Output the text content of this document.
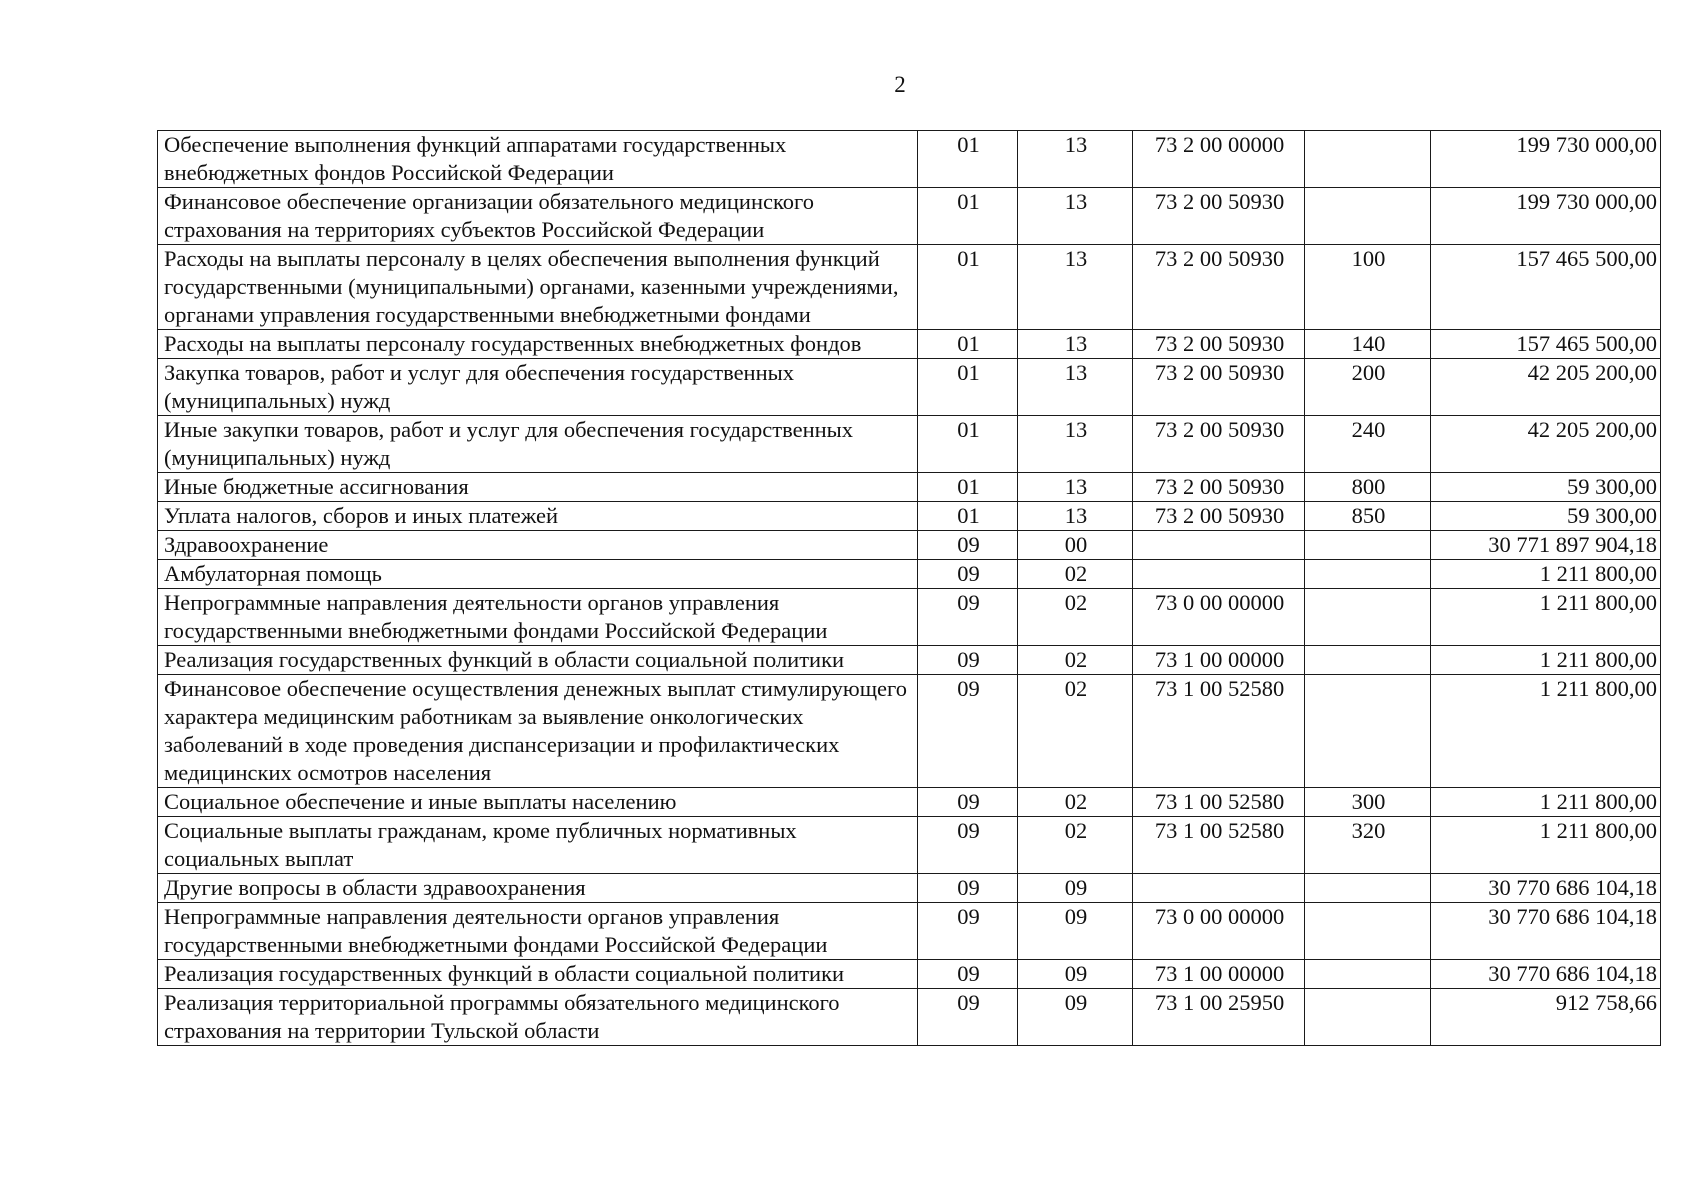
2
Обеспечение выполнения функций аппаратами государственных внебюджетных фондов Российской Федерации	01	13	73 2 00 00000		199 730 000,00
Финансовое обеспечение организации обязательного медицинского страхования на территориях субъектов Российской Федерации	01	13	73 2 00 50930		199 730 000,00
Расходы на выплаты персоналу в целях обеспечения выполнения функций государственными (муниципальными) органами, казенными учреждениями, органами управления государственными внебюджетными фондами	01	13	73 2 00 50930	100	157 465 500,00
Расходы на выплаты персоналу государственных внебюджетных фондов	01	13	73 2 00 50930	140	157 465 500,00
Закупка товаров, работ и услуг для обеспечения государственных (муниципальных) нужд	01	13	73 2 00 50930	200	42 205 200,00
Иные закупки товаров, работ и услуг для обеспечения государственных (муниципальных) нужд	01	13	73 2 00 50930	240	42 205 200,00
Иные бюджетные ассигнования	01	13	73 2 00 50930	800	59 300,00
Уплата налогов, сборов и иных платежей	01	13	73 2 00 50930	850	59 300,00
Здравоохранение	09	00			30 771 897 904,18
Амбулаторная помощь	09	02			1 211 800,00
Непрограммные направления деятельности органов управления государственными внебюджетными фондами Российской Федерации	09	02	73 0 00 00000		1 211 800,00
Реализация государственных функций в области социальной политики	09	02	73 1 00 00000		1 211 800,00
Финансовое обеспечение осуществления денежных выплат стимулирующего характера медицинским работникам за выявление онкологических заболеваний в ходе проведения диспансеризации и профилактических медицинских осмотров населения	09	02	73 1 00 52580		1 211 800,00
Социальное обеспечение и иные выплаты населению	09	02	73 1 00 52580	300	1 211 800,00
Социальные выплаты гражданам, кроме публичных нормативных социальных выплат	09	02	73 1 00 52580	320	1 211 800,00
Другие вопросы в области здравоохранения	09	09			30 770 686 104,18
Непрограммные направления деятельности органов управления государственными внебюджетными фондами Российской Федерации	09	09	73 0 00 00000		30 770 686 104,18
Реализация государственных функций в области социальной политики	09	09	73 1 00 00000		30 770 686 104,18
Реализация территориальной программы обязательного медицинского страхования на территории Тульской области	09	09	73 1 00 25950		912 758,66
